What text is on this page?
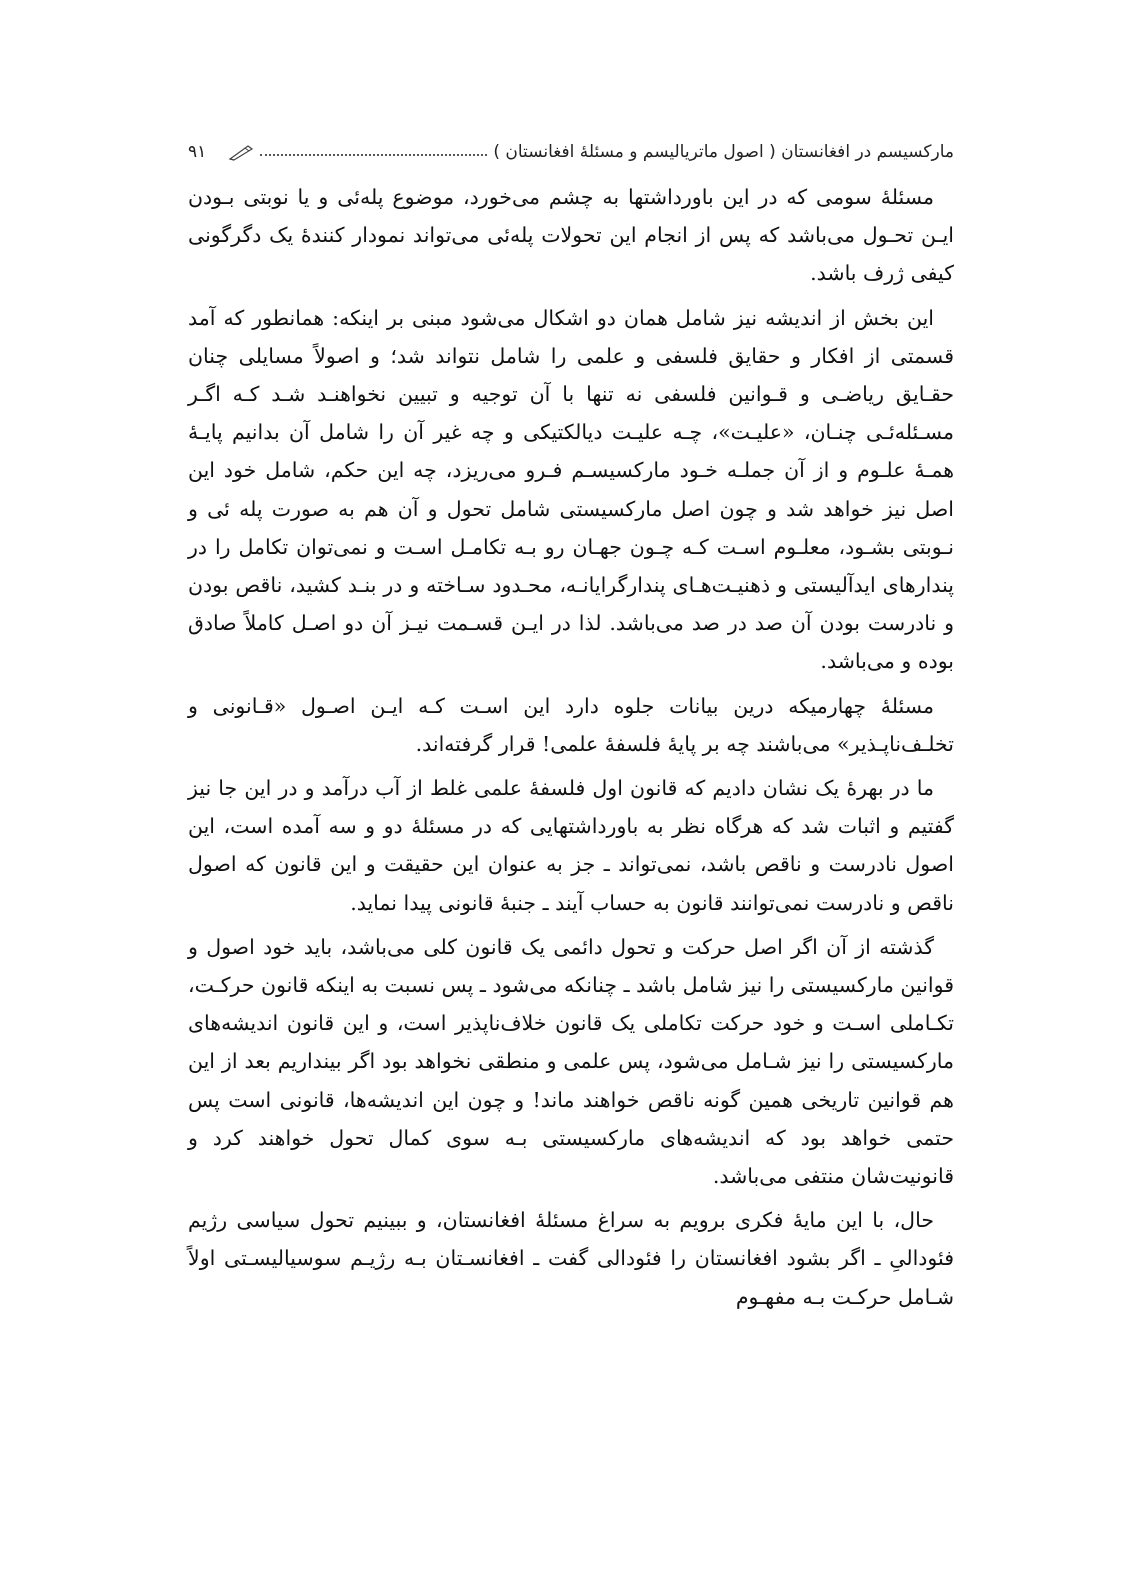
مارکسیسم در افغانستان ( اصول ماتریالیسم و مسئلهٔ افغانستان )
۹۱

مسئلهٔ سومی که در این باورداشتها به چشم می‌خورد، موضوع پله‌ئی و یا نوبتی بـودن ایـن تحـول می‌باشد که پس از انجام این تحولات پله‌ئی می‌تواند نمودار کنندهٔ یک دگرگونی کیفی ژرف باشد.

این بخش از اندیشه نیز شامل همان دو اشکال می‌شود مبنی بر اینکه: همانطور که آمد قسمتی از افکار و حقایق فلسفی و علمی را شامل نتواند شد؛ و اصولاً مسایلی چنان حقـایق ریاضـی و قـوانین فلسفی نه تنها با آن توجیه و تبیین نخواهنـد شـد کـه اگـر مسـئله‌ئـی چنـان، «علیـت»، چـه علیـت دیالکتیکی و چه غیر آن را شامل آن بدانیم پایـهٔ همـهٔ علـوم و از آن جملـه خـود مارکسیسـم فـرو می‌ریزد، چه این حکم، شامل خود این اصل نیز خواهد شد و چون اصل مارکسیستی شامل تحول و آن هم به صورت پله ئی و نـوبتی بشـود، معلـوم اسـت کـه چـون جهـان رو بـه تکامـل اسـت و نمی‌توان تکامل را در پندارهای ایدآلیستی و ذهنیـت‌هـای پندارگرایانـه، محـدود سـاخته و در بنـد کشید، ناقص بودن و نادرست بودن آن صد در صد می‌باشد. لذا در ایـن قسـمت نیـز آن دو اصـل کاملاً صادق بوده و می‌باشد.

مسئلهٔ چهارمیکه درین بیانات جلوه دارد این اسـت کـه ایـن اصـول «قـانونی و تخلـف‌ناپـذیر» می‌باشند چه بر پایهٔ فلسفهٔ علمی! قرار گرفته‌اند.

ما در بهرهٔ یک نشان دادیم که قانون اول فلسفهٔ علمی غلط از آب درآمد و در این جا نیز گفتیم و اثبات شد که هرگاه نظر به باورداشتهایی که در مسئلهٔ دو و سه آمده است، این اصول نادرست و ناقص باشد، نمی‌تواند ـ جز به عنوان این حقیقت و این قانون که اصول ناقص و نادرست نمی‌توانند قانون به حساب آیند ـ جنبهٔ قانونی پیدا نماید.

گذشته از آن اگر اصل حرکت و تحول دائمی یک قانون کلی می‌باشد، باید خود اصول و قوانین مارکسیستی را نیز شامل باشد ـ چنانکه می‌شود ـ پس نسبت به اینکه قانون حرکـت، تکـاملی اسـت و خود حرکت تکاملی یک قانون خلاف‌ناپذیر است، و این قانون اندیشه‌های مارکسیستی را نیز شـامل می‌شود، پس علمی و منطقی نخواهد بود اگر بینداریم بعد از این هم قوانین تاریخی همین گونه ناقص خواهند ماند! و چون این اندیشه‌ها، قانونی است پس حتمی خواهد بود که اندیشه‌های مارکسیستی بـه سوی کمال تحول خواهند کرد و قانونیت‌شان منتفی می‌باشد.

حال، با این مایهٔ فکری برویم به سراغ مسئلهٔ افغانستان، و ببینیم تحول سیاسی رژیم فئودالیِ ـ اگر بشود افغانستان را فئودالی گفت ـ افغانسـتان بـه رژیـم سوسیالیسـتی اولاً شـامل حرکـت بـه مفهـوم
